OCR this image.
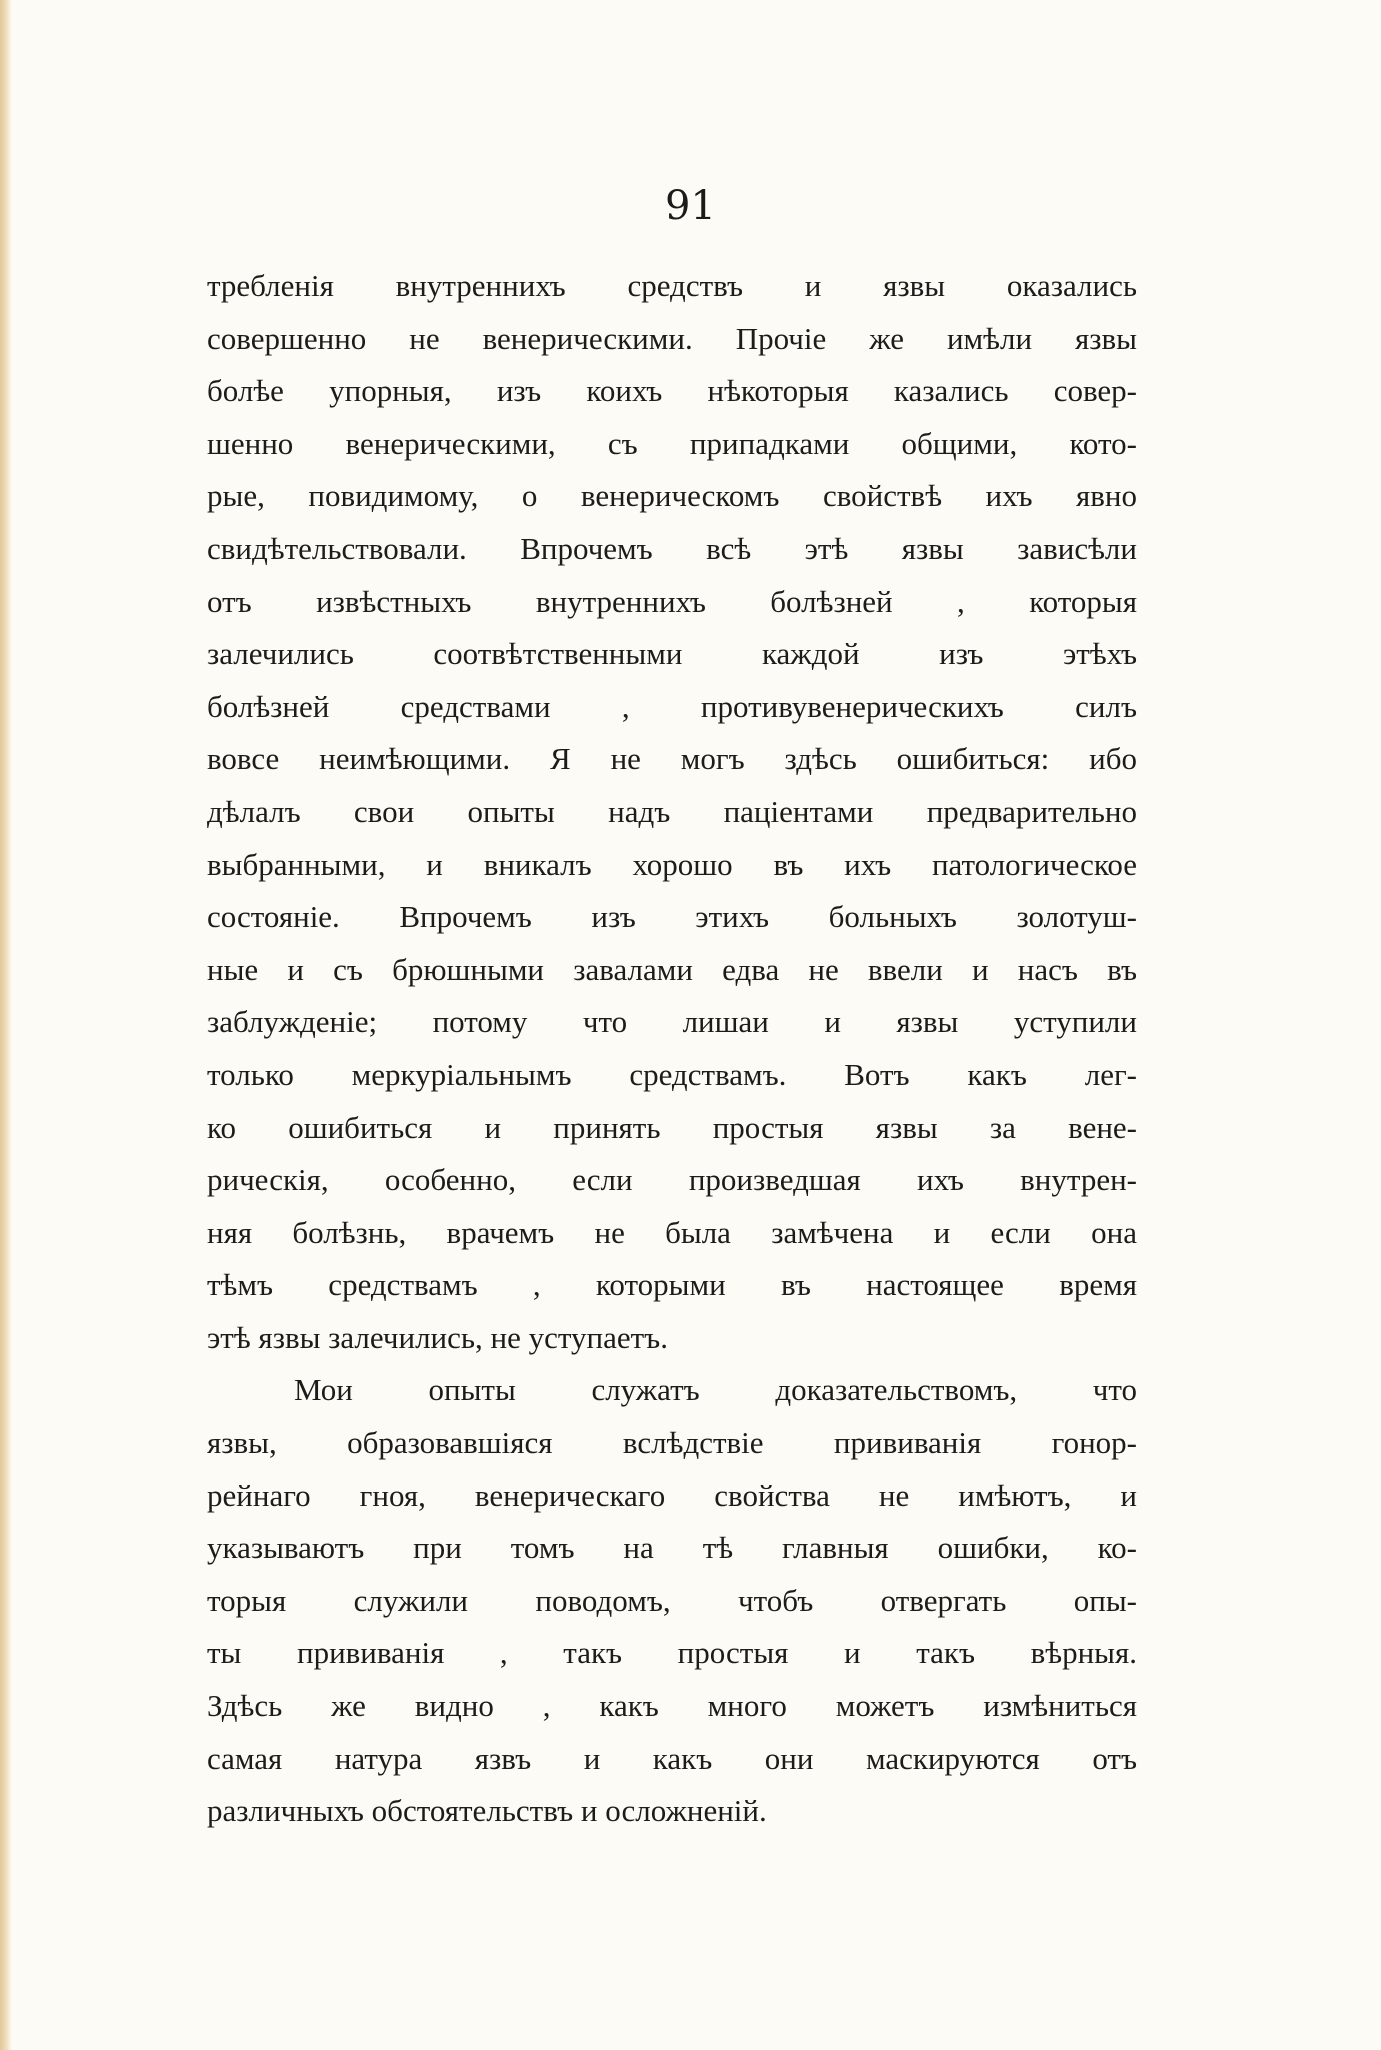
91
требленія внутреннихъ средствъ и язвы оказались
совершенно не венерическими. Прочіе же имѣли язвы
болѣе упорныя, изъ коихъ нѣкоторыя казались совер-
шенно венерическими, съ припадками общими, кото-
рые, повидимому, о венерическомъ свойствѣ ихъ явно
свидѣтельствовали. Впрочемъ всѣ этѣ язвы зависѣли
отъ извѣстныхъ внутреннихъ болѣзней , которыя
залечились соотвѣтственными каждой изъ этѣхъ
болѣзней средствами , противувенерическихъ силъ
вовсе неимѣющими. Я не могъ здѣсь ошибиться: ибо
дѣлалъ свои опыты надъ паціентами предварительно
выбранными, и вникалъ хорошо въ ихъ патологическое
состояніе. Впрочемъ изъ этихъ больныхъ золотуш-
ные и съ брюшными завалами едва не ввели и насъ въ
заблужденіе; потому что лишаи и язвы уступили
только меркуріальнымъ средствамъ. Вотъ какъ лег-
ко ошибиться и принять простыя язвы за вене-
рическія, особенно, если произведшая ихъ внутрен-
няя болѣзнь, врачемъ не была замѣчена и если она
тѣмъ средствамъ , которыми въ настоящее время
этѣ язвы залечились, не уступаетъ.
Мои опыты служатъ доказательствомъ, что
язвы, образовавшіяся вслѣдствіе прививанія гонор-
рейнаго гноя, венерическаго свойства не имѣютъ, и
указываютъ при томъ на тѣ главныя ошибки, ко-
торыя служили поводомъ, чтобъ отвергать опы-
ты прививанія , такъ простыя и такъ вѣрныя.
Здѣсь же видно , какъ много можетъ измѣниться
самая натура язвъ и какъ они маскируются отъ
различныхъ обстоятельствъ и осложненій.
